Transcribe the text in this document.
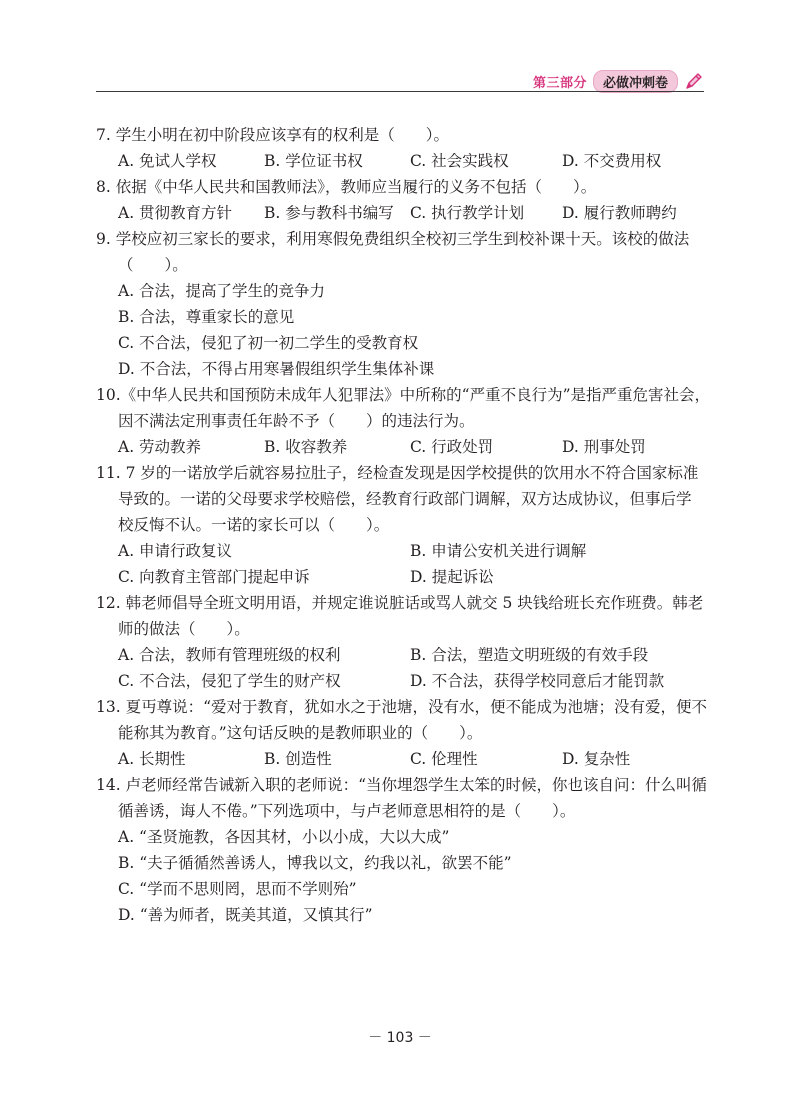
第三部分	必做冲刺卷
7. 学生小明在初中阶段应该享有的权利是（　　）。
A. 免试人学权	B. 学位证书权	C. 社会实践权	D. 不交费用权
8. 依据《中华人民共和国教师法》，教师应当履行的义务不包括（　　）。
A. 贯彻教育方针	B. 参与教科书编写	C. 执行教学计划	D. 履行教师聘约
9. 学校应初三家长的要求，利用寒假免费组织全校初三学生到校补课十天。该校的做法
（　　）。
A. 合法，提高了学生的竞争力
B. 合法，尊重家长的意见
C. 不合法，侵犯了初一初二学生的受教育权
D. 不合法，不得占用寒暑假组织学生集体补课
10.《中华人民共和国预防未成年人犯罪法》中所称的“严重不良行为”是指严重危害社会，
因不满法定刑事责任年龄不予（　　）的违法行为。
A. 劳动教养	B. 收容教养	C. 行政处罚	D. 刑事处罚
11. 7 岁的一诺放学后就容易拉肚子，经检查发现是因学校提供的饮用水不符合国家标准
导致的。一诺的父母要求学校赔偿，经教育行政部门调解，双方达成协议，但事后学
校反悔不认。一诺的家长可以（　　）。
A. 申请行政复议	B. 申请公安机关进行调解
C. 向教育主管部门提起申诉	D. 提起诉讼
12. 韩老师倡导全班文明用语，并规定谁说脏话或骂人就交 5 块钱给班长充作班费。韩老
师的做法（　　）。
A. 合法，教师有管理班级的权利	B. 合法，塑造文明班级的有效手段
C. 不合法，侵犯了学生的财产权	D. 不合法，获得学校同意后才能罚款
13. 夏丏尊说：“爱对于教育，犹如水之于池塘，没有水，便不能成为池塘；没有爱，便不
能称其为教育。”这句话反映的是教师职业的（　　）。
A. 长期性	B. 创造性	C. 伦理性	D. 复杂性
14. 卢老师经常告诫新入职的老师说：“当你埋怨学生太笨的时候，你也该自问：什么叫循
循善诱，诲人不倦。”下列选项中，与卢老师意思相符的是（　　）。
A. “圣贤施教，各因其材，小以小成，大以大成”
B. “夫子循循然善诱人，博我以文，约我以礼，欲罢不能”
C. “学而不思则罔，思而不学则殆”
D. “善为师者，既美其道，又慎其行”
－ 103 －
